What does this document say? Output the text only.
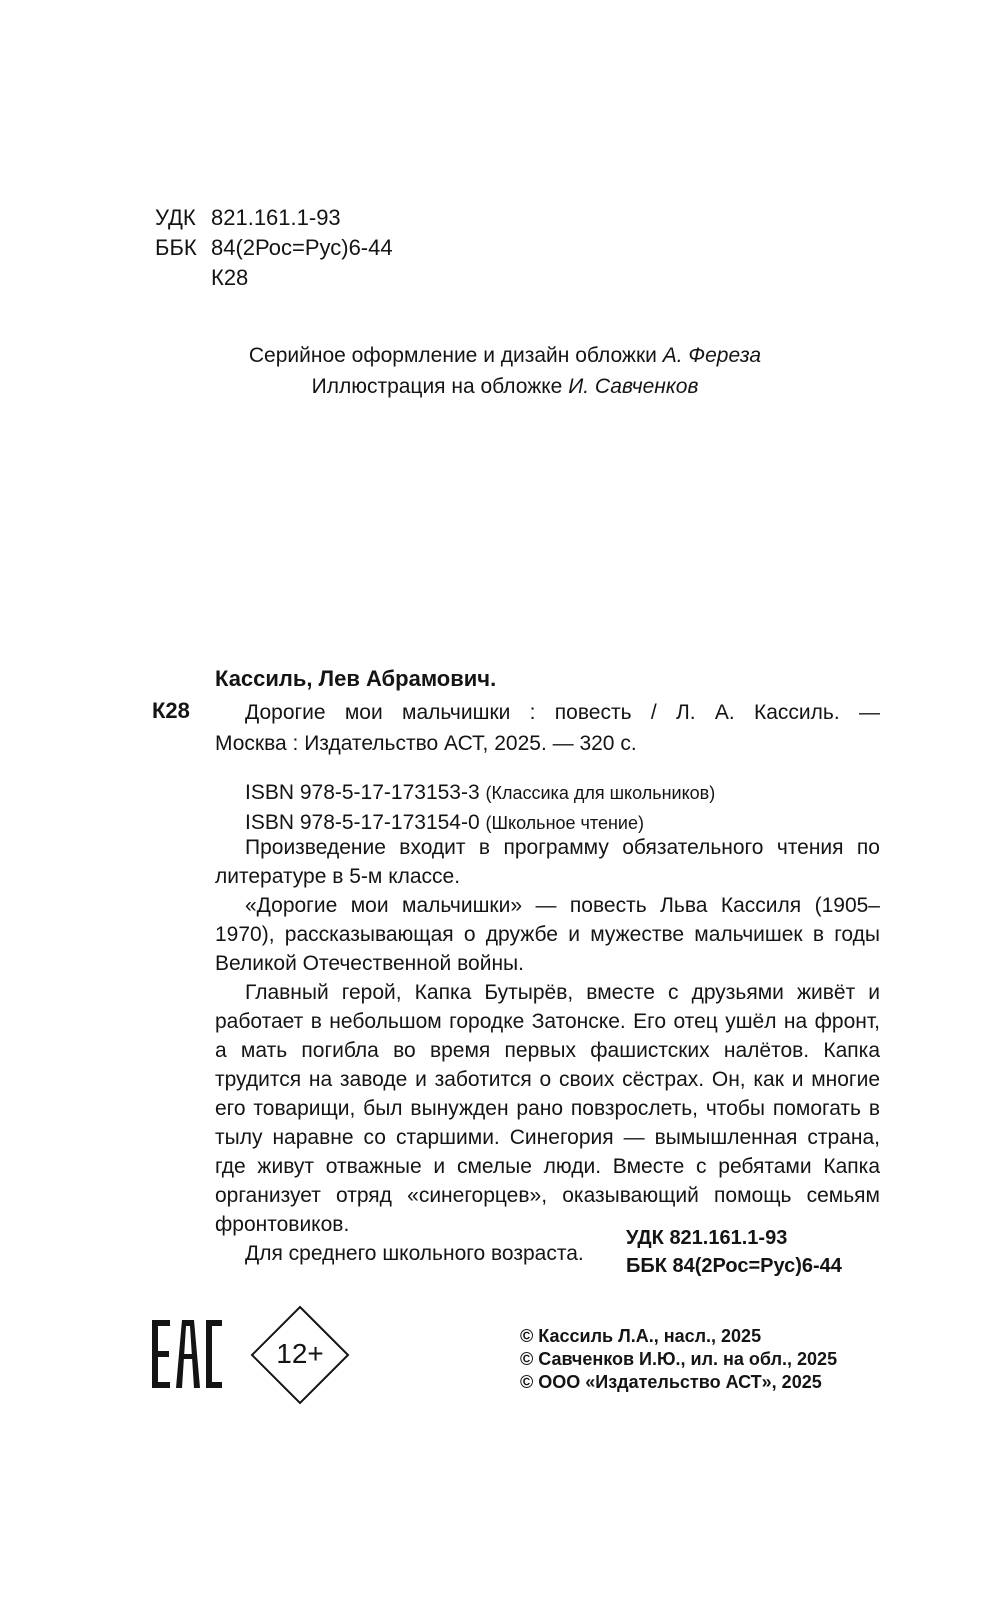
УДК 821.161.1-93
ББК 84(2Рос=Рус)6-44
К28
Серийное оформление и дизайн обложки А. Фереза
Иллюстрация на обложке И. Савченков
Кассиль, Лев Абрамович.
К28	Дорогие мои мальчишки : повесть / Л. А. Кассиль. —
Москва : Издательство АСТ, 2025. — 320 с.
ISBN 978-5-17-173153-3 (Классика для школьников)
ISBN 978-5-17-173154-0 (Школьное чтение)

Произведение входит в программу обязательного чтения по литературе в 5-м классе.

«Дорогие мои мальчишки» — повесть Льва Кассиля (1905–1970), рассказывающая о дружбе и мужестве мальчишек в годы Великой Отечественной войны.

Главный герой, Капка Бутырёв, вместе с друзьями живёт и работает в небольшом городке Затонске. Его отец ушёл на фронт, а мать погибла во время первых фашистских налётов. Капка трудится на заводе и заботится о своих сёстрах. Он, как и многие его товарищи, был вынужден рано повзрослеть, чтобы помогать в тылу наравне со старшими. Синегория — вымышленная страна, где живут отважные и смелые люди. Вместе с ребятами Капка организует отряд «синегорцев», оказывающий помощь семьям фронтовиков.

Для среднего школьного возраста.

УДК 821.161.1-93
ББК 84(2Рос=Рус)6-44
12+
© Кассиль Л.А., насл., 2025
© Савченков И.Ю., ил. на обл., 2025
© ООО «Издательство АСТ», 2025
